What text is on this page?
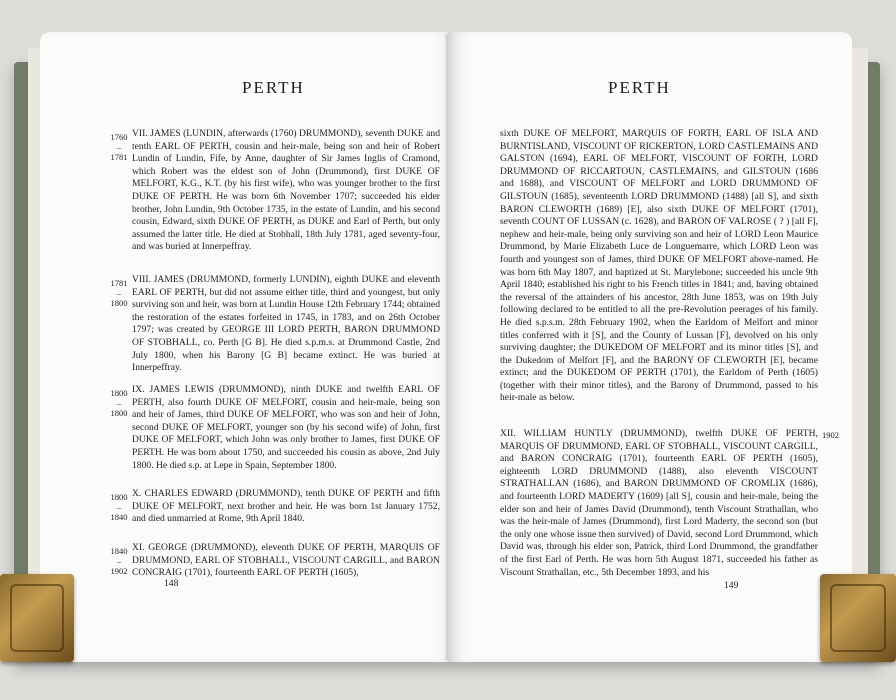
PERTH
1760
–
1781
VII. JAMES (LUNDIN, afterwards (1760) DRUMMOND), seventh DUKE and tenth EARL OF PERTH, cousin and heir-male, being son and heir of Robert Lundin of Lundin, Fife, by Anne, daughter of Sir James Inglis of Cramond, which Robert was the eldest son of John (Drummond), first DUKE OF MELFORT, K.G., K.T. (by his first wife), who was younger brother to the first DUKE OF PERTH. He was born 6th November 1707; succeeded his elder brother, John Lundin, 9th October 1735, in the estate of Lundin, and his second cousin, Edward, sixth DUKE OF PERTH, as DUKE and Earl of Perth, but only assumed the latter title. He died at Stobhall, 18th July 1781, aged seventy-four, and was buried at Innerpeffray.
1781
–
1800
VIII. JAMES (DRUMMOND, formerly LUNDIN), eighth DUKE and eleventh EARL OF PERTH, but did not assume either title, third and youngest, but only surviving son and heir, was born at Lundin House 12th February 1744; obtained the restoration of the estates forfeited in 1745, in 1783, and on 26th October 1797; was created by GEORGE III LORD PERTH, BARON DRUMMOND OF STOBHALL, co. Perth [G B]. He died s.p.m.s. at Drummond Castle, 2nd July 1800, when his Barony [G B] became extinct. He was buried at Innerpeffray.
1800
–
1800
IX. JAMES LEWIS (DRUMMOND), ninth DUKE and twelfth EARL OF PERTH, also fourth DUKE OF MELFORT, cousin and heir-male, being son and heir of James, third DUKE OF MELFORT, who was son and heir of John, second DUKE OF MELFORT, younger son (by his second wife) of John, first DUKE OF MELFORT, which John was only brother to James, first DUKE OF PERTH. He was born about 1750, and succeeded his cousin as above, 2nd July 1800. He died s.p. at Lepe in Spain, September 1800.
1800
–
1840
X. CHARLES EDWARD (DRUMMOND), tenth DUKE OF PERTH and fifth DUKE OF MELFORT, next brother and heir. He was born 1st January 1752, and died unmarried at Rome, 9th April 1840.
1840
–
1902
XI. GEORGE (DRUMMOND), eleventh DUKE OF PERTH, MARQUIS OF DRUMMOND, EARL OF STOBHALL, VISCOUNT CARGILL, and BARON CONCRAIG (1701), fourteenth EARL OF PERTH (1605),
148
PERTH
sixth DUKE OF MELFORT, MARQUIS OF FORTH, EARL OF ISLA AND BURNTISLAND, VISCOUNT OF RICKERTON, LORD CASTLEMAINS AND GALSTON (1694), EARL OF MELFORT, VISCOUNT OF FORTH, LORD DRUMMOND OF RICCARTOUN, CASTLEMAINS, and GILSTOUN (1686 and 1688), and VISCOUNT OF MELFORT and LORD DRUMMOND OF GILSTOUN (1685), seventeenth LORD DRUMMOND (1488) [all S], and sixth BARON CLEWORTH (1689) [E], also sixth DUKE OF MELFORT (1701), seventh COUNT OF LUSSAN (c. 1628), and BARON OF VALROSE ( ? ) [all F], nephew and heir-male, being only surviving son and heir of LORD Leon Maurice Drummond, by Marie Elizabeth Luce de Longuemarre, which LORD Leon was fourth and youngest son of James, third DUKE OF MELFORT above-named. He was born 6th May 1807, and baptized at St. Marylebone; succeeded his uncle 9th April 1840; established his right to his French titles in 1841; and, having obtained the reversal of the attainders of his ancestor, 28th June 1853, was on 19th July following declared to be entitled to all the pre-Revolution peerages of his family. He died s.p.s.m. 28th February 1902, when the Earldom of Melfort and minor titles conferred with it [S], and the County of Lussan [F], devolved on his only surviving daughter; the DUKEDOM OF MELFORT and its minor titles [S], and the Dukedom of Melfort [F], and the BARONY OF CLEWORTH [E], became extinct; and the DUKEDOM OF PERTH (1701), the Earldom of Perth (1605) (together with their minor titles), and the Barony of Drummond, passed to his heir-male as below.
1902
XII. WILLIAM HUNTLY (DRUMMOND), twelfth DUKE OF PERTH, MARQUIS OF DRUMMOND, EARL OF STOBHALL, VISCOUNT CARGILL, and BARON CONCRAIG (1701), fourteenth EARL OF PERTH (1605), eighteenth LORD DRUMMOND (1488), also eleventh VISCOUNT STRATHALLAN (1686), and BARON DRUMMOND OF CROMLIX (1686), and fourteenth LORD MADERTY (1609) [all S], cousin and heir-male, being the elder son and heir of James David (Drummond), tenth Viscount Strathallan, who was the heir-male of James (Drummond), first Lord Maderty, the second son (but the only one whose issue then survived) of David, second Lord Drummond, which David was, through his elder son, Patrick, third Lord Drummond, the grandfather of the first Earl of Perth. He was born 5th August 1871, succeeded his father as Viscount Strathallan, etc., 5th December 1893, and his
149
